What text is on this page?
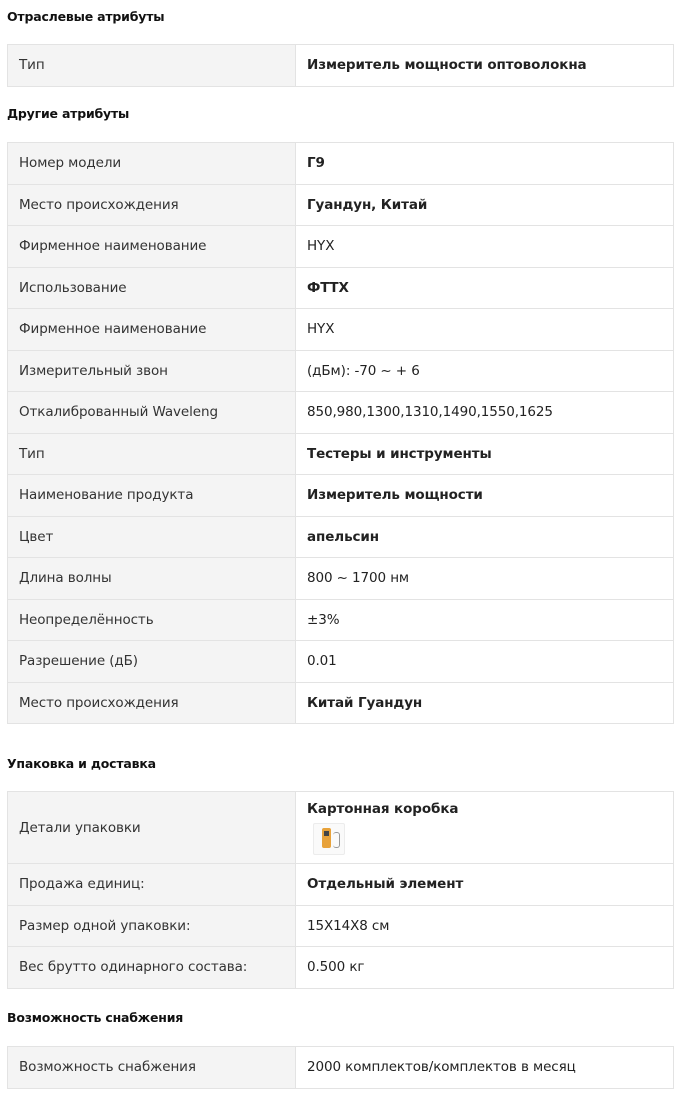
Отраслевые атрибуты
Тип	Измеритель мощности оптоволокна
Другие атрибуты
Номер модели	Г9
Место происхождения	Гуандун, Китай
Фирменное наименование	HYX
Использование	ФТТХ
Фирменное наименование	HYX
Измерительный звон	(дБм): -70 ~ + 6
Откалиброванный Waveleng	850,980,1300,1310,1490,1550,1625
Тип	Тестеры и инструменты
Наименование продукта	Измеритель мощности
Цвет	апельсин
Длина волны	800 ~ 1700 нм
Неопределённость	±3%
Разрешение (дБ)	0.01
Место происхождения	Китай Гуандун
Упаковка и доставка
Детали упаковки	Картонная коробка

Продажа единиц:	Отдельный элемент
Размер одной упаковки:	15X14X8 см
Вес брутто одинарного состава:	0.500 кг
Возможность снабжения
Возможность снабжения	2000 комплектов/комплектов в месяц
